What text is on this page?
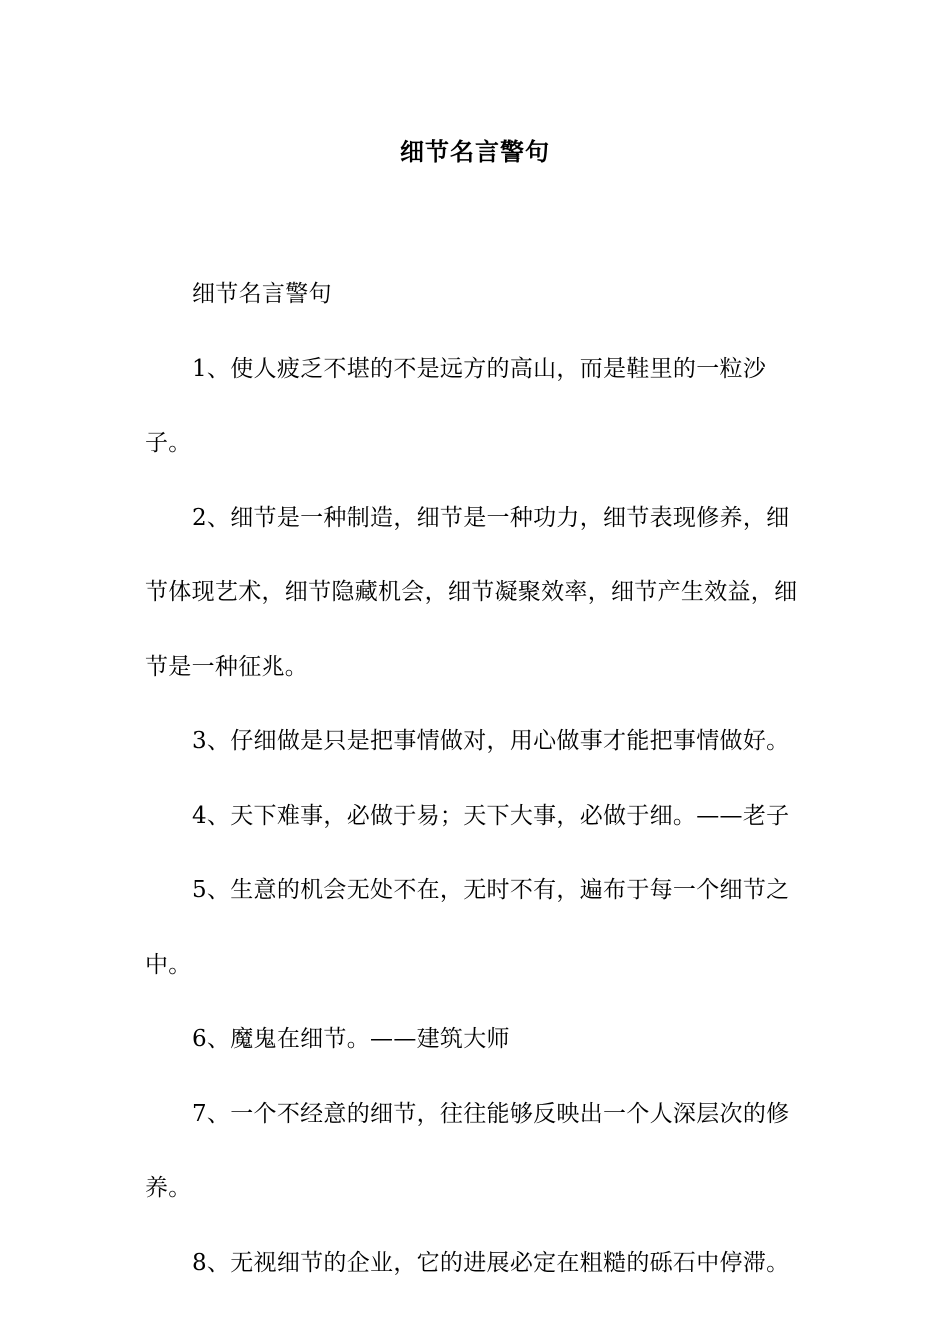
细节名言警句

细节名言警句

1、使人疲乏不堪的不是远方的高山，而是鞋里的一粒沙子。

2、细节是一种制造，细节是一种功力，细节表现修养，细节体现艺术，细节隐藏机会，细节凝聚效率，细节产生效益，细节是一种征兆。

3、仔细做是只是把事情做对，用心做事才能把事情做好。

4、天下难事，必做于易；天下大事，必做于细。——老子

5、生意的机会无处不在，无时不有，遍布于每一个细节之中。

6、魔鬼在细节。——建筑大师

7、一个不经意的细节，往往能够反映出一个人深层次的修养。

8、无视细节的企业，它的进展必定在粗糙的砾石中停滞。
